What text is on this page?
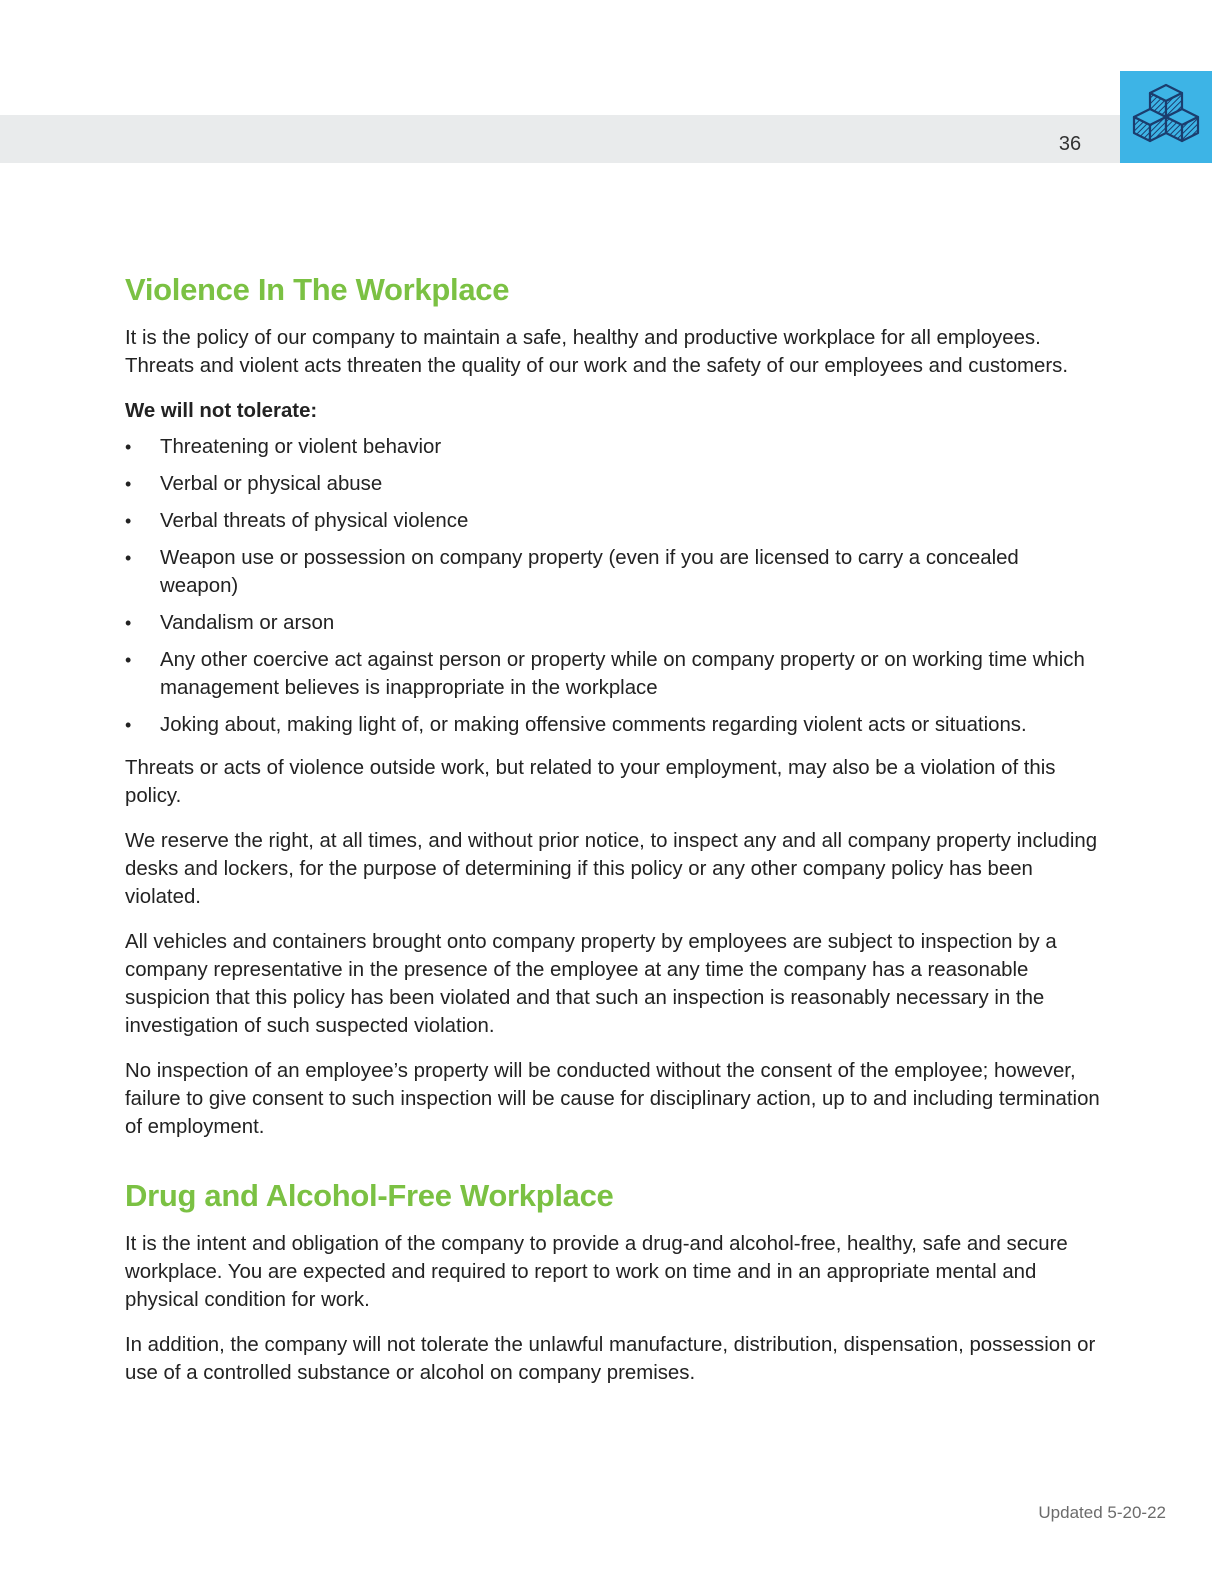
36
Violence In The Workplace

It is the policy of our company to maintain a safe, healthy and productive workplace for all employees. Threats and violent acts threaten the quality of our work and the safety of our employees and customers.

We will not tolerate:

• Threatening or violent behavior
• Verbal or physical abuse
• Verbal threats of physical violence
• Weapon use or possession on company property (even if you are licensed to carry a concealed weapon)
• Vandalism or arson
• Any other coercive act against person or property while on company property or on working time which management believes is inappropriate in the workplace
• Joking about, making light of, or making offensive comments regarding violent acts or situations.

Threats or acts of violence outside work, but related to your employment, may also be a violation of this policy.

We reserve the right, at all times, and without prior notice, to inspect any and all company property including desks and lockers, for the purpose of determining if this policy or any other company policy has been violated.

All vehicles and containers brought onto company property by employees are subject to inspection by a company representative in the presence of the employee at any time the company has a reasonable suspicion that this policy has been violated and that such an inspection is reasonably necessary in the investigation of such suspected violation.

No inspection of an employee’s property will be conducted without the consent of the employee; however, failure to give consent to such inspection will be cause for disciplinary action, up to and including termination of employment.

Drug and Alcohol-Free Workplace

It is the intent and obligation of the company to provide a drug-and alcohol-free, healthy, safe and secure workplace. You are expected and required to report to work on time and in an appropriate mental and physical condition for work.

In addition, the company will not tolerate the unlawful manufacture, distribution, dispensation, possession or use of a controlled substance or alcohol on company premises.

Updated 5-20-22
